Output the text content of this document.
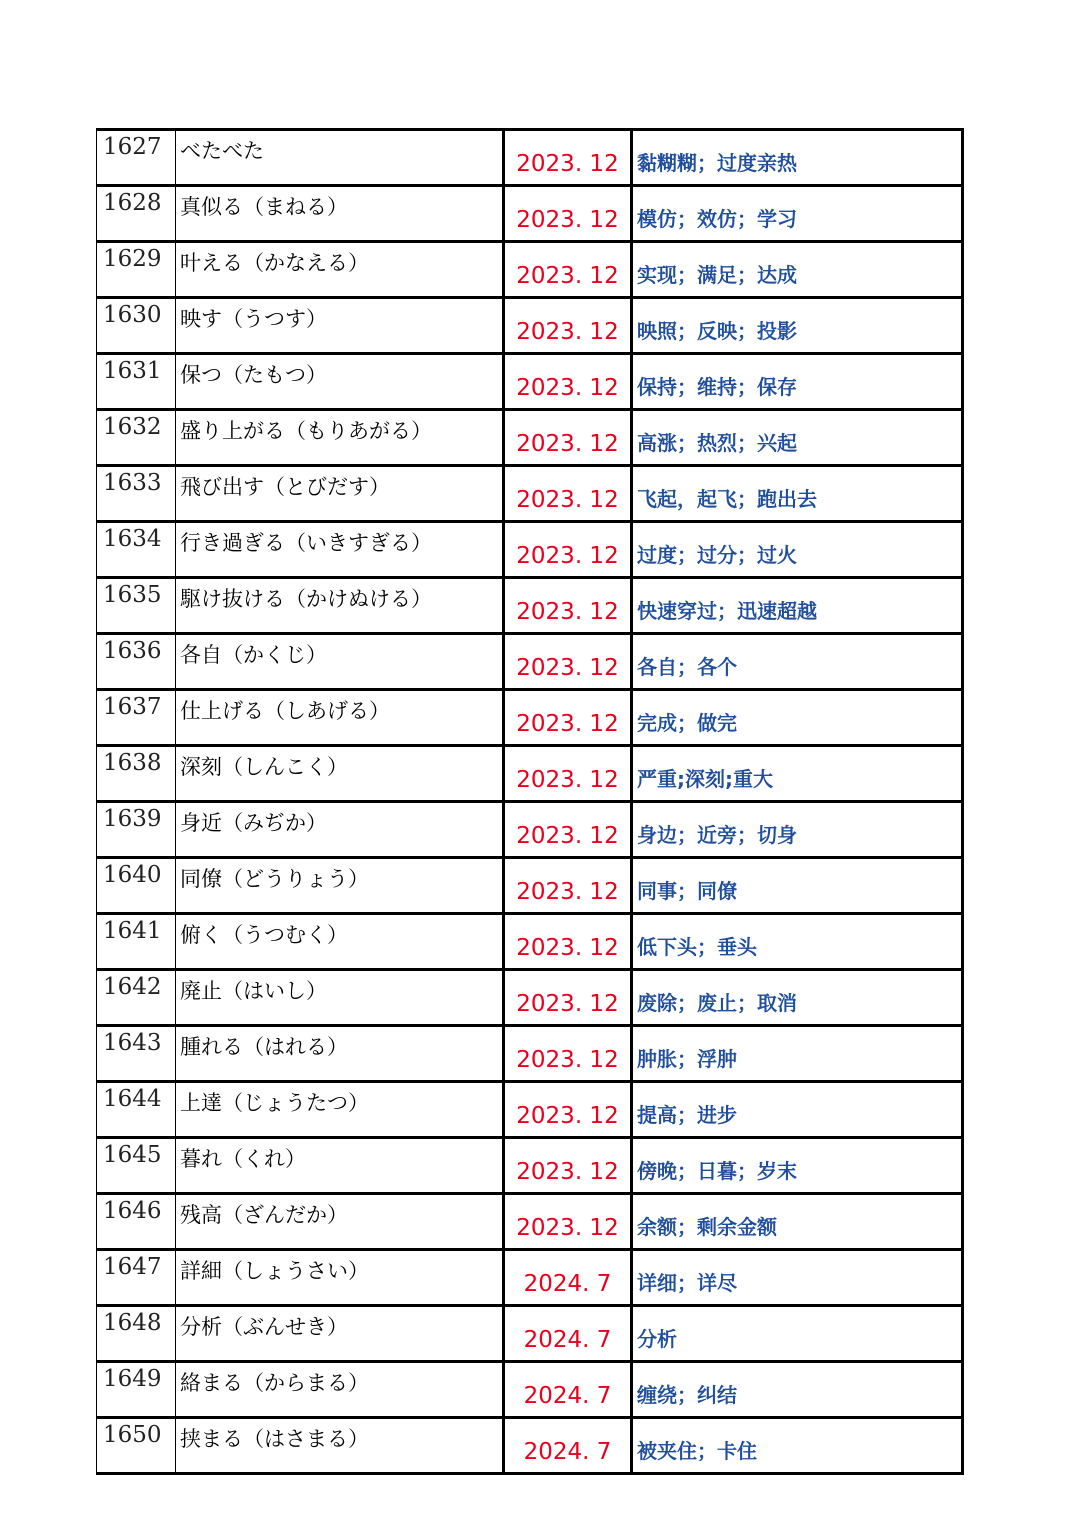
1627	べたべた	2023. 12	黏糊糊；过度亲热
1628	真似る（まねる）	2023. 12	模仿；效仿；学习
1629	叶える（かなえる）	2023. 12	实现；满足；达成
1630	映す（うつす）	2023. 12	映照；反映；投影
1631	保つ（たもつ）	2023. 12	保持；维持；保存
1632	盛り上がる（もりあがる）	2023. 12	高涨；热烈；兴起
1633	飛び出す（とびだす）	2023. 12	飞起，起飞；跑出去
1634	行き過ぎる（いきすぎる）	2023. 12	过度；过分；过火
1635	駆け抜ける（かけぬける）	2023. 12	快速穿过；迅速超越
1636	各自（かくじ）	2023. 12	各自；各个
1637	仕上げる（しあげる）	2023. 12	完成；做完
1638	深刻（しんこく）	2023. 12	严重;深刻;重大
1639	身近（みぢか）	2023. 12	身边；近旁；切身
1640	同僚（どうりょう）	2023. 12	同事；同僚
1641	俯く（うつむく）	2023. 12	低下头；垂头
1642	廃止（はいし）	2023. 12	废除；废止；取消
1643	腫れる（はれる）	2023. 12	肿胀；浮肿
1644	上達（じょうたつ）	2023. 12	提高；进步
1645	暮れ（くれ）	2023. 12	傍晚；日暮；岁末
1646	残高（ざんだか）	2023. 12	余额；剩余金额
1647	詳細（しょうさい）	2024. 7	详细；详尽
1648	分析（ぶんせき）	2024. 7	分析
1649	絡まる（からまる）	2024. 7	缠绕；纠结
1650	挟まる（はさまる）	2024. 7	被夹住；卡住
